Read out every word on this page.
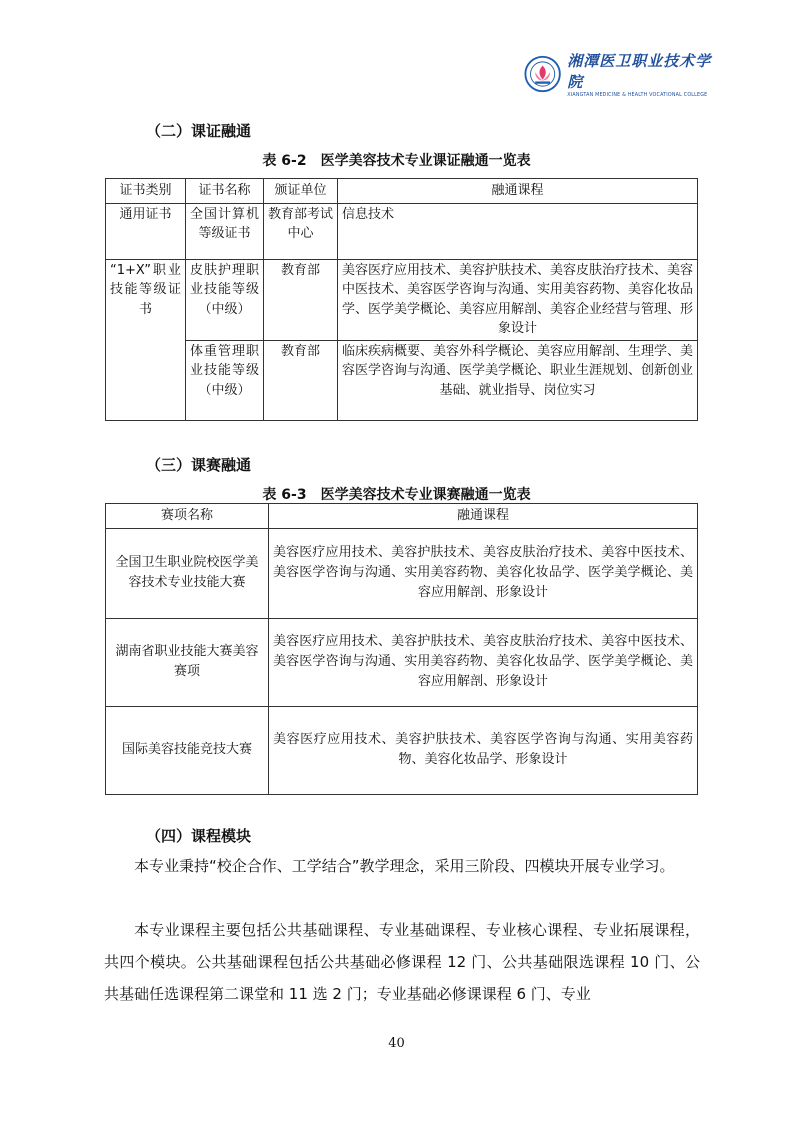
湘潭医卫职业技术学院
XIANGTAN MEDICINE & HEALTH VOCATIONAL COLLEGE
（二）课证融通
表 6-2　医学美容技术专业课证融通一览表
证书类别	证书名称	颁证单位	融通课程
通用证书	全国计算机等级证书	教育部考试中心	信息技术
“1+X”职业技能等级证书	皮肤护理职业技能等级（中级）	教育部	美容医疗应用技术、美容护肤技术、美容皮肤治疗技术、美容中医技术、美容医学咨询与沟通、实用美容药物、美容化妆品学、医学美学概论、美容应用解剖、美容企业经营与管理、形象设计
	体重管理职业技能等级（中级）	教育部	临床疾病概要、美容外科学概论、美容应用解剖、生理学、美容医学咨询与沟通、医学美学概论、职业生涯规划、创新创业基础、就业指导、岗位实习
（三）课赛融通
表 6-3　医学美容技术专业课赛融通一览表
赛项名称	融通课程
全国卫生职业院校医学美容技术专业技能大赛	美容医疗应用技术、美容护肤技术、美容皮肤治疗技术、美容中医技术、美容医学咨询与沟通、实用美容药物、美容化妆品学、医学美学概论、美容应用解剖、形象设计
湖南省职业技能大赛美容赛项	美容医疗应用技术、美容护肤技术、美容皮肤治疗技术、美容中医技术、美容医学咨询与沟通、实用美容药物、美容化妆品学、医学美学概论、美容应用解剖、形象设计
国际美容技能竞技大赛	美容医疗应用技术、美容护肤技术、美容医学咨询与沟通、实用美容药物、美容化妆品学、形象设计
（四）课程模块
本专业秉持“校企合作、工学结合”教学理念，采用三阶段、四模块开展专业学习。
本专业课程主要包括公共基础课程、专业基础课程、专业核心课程、专业拓展课程，共四个模块。公共基础课程包括公共基础必修课程 12 门、公共基础限选课程 10 门、公共基础任选课程第二课堂和 11 选 2 门；专业基础必修课课程 6 门、专业
40
